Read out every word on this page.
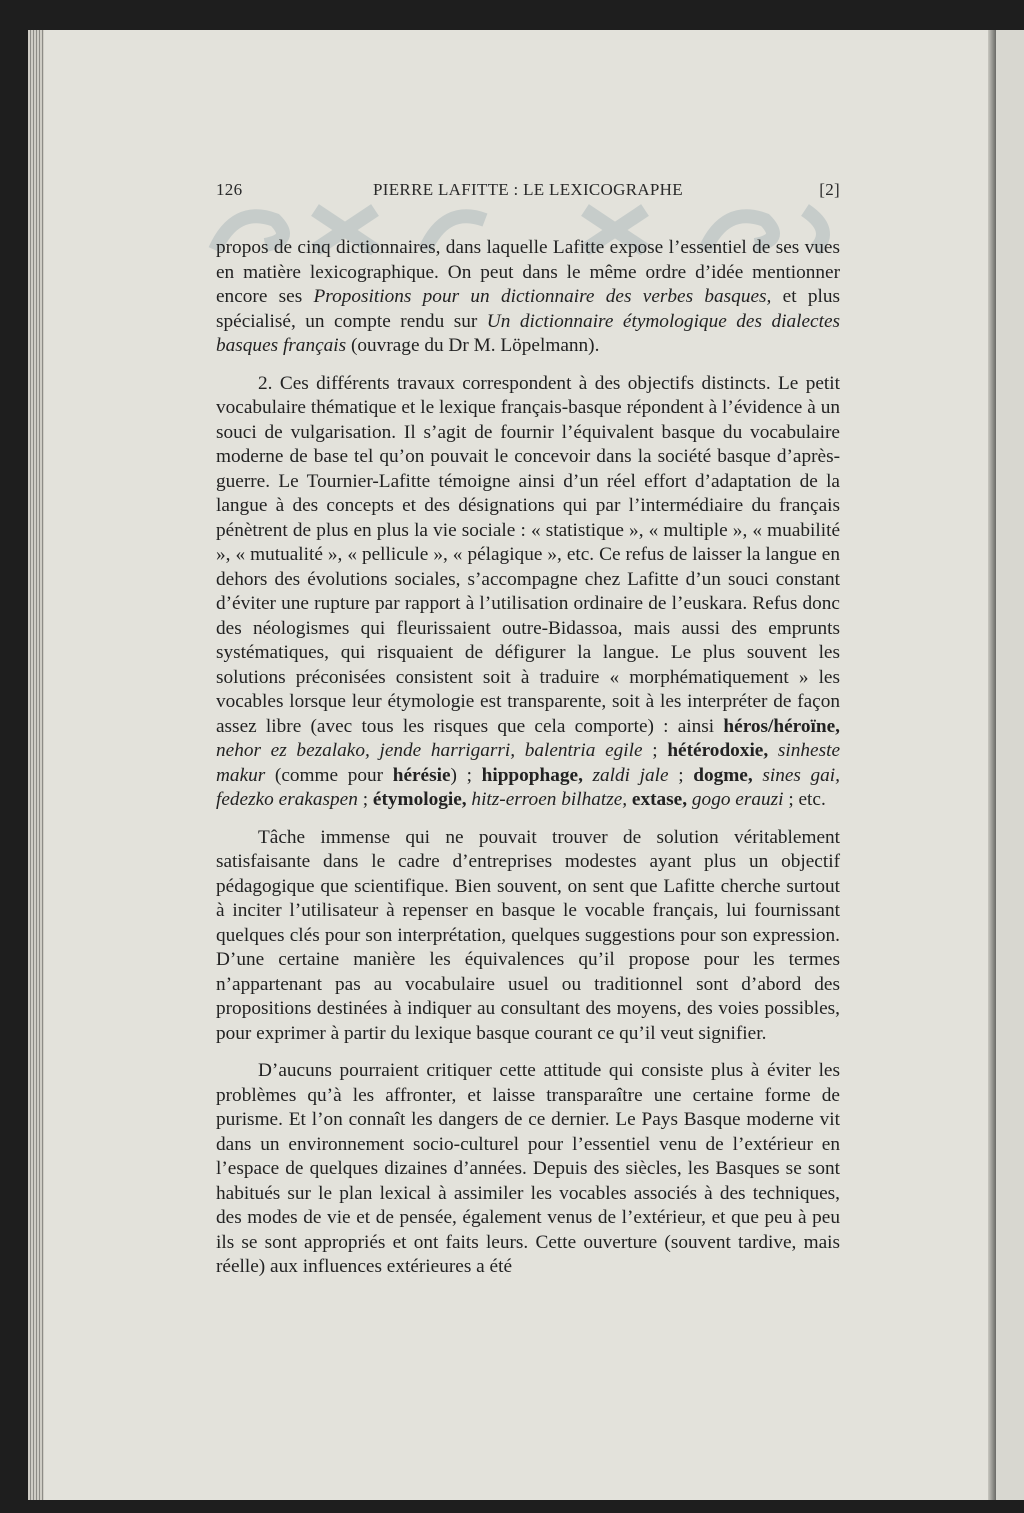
126	PIERRE LAFITTE : LE LEXICOGRAPHE	[2]

propos de cinq dictionnaires, dans laquelle Lafitte expose l’essentiel de ses vues en matière lexicographique. On peut dans le même ordre d’idée mentionner encore ses Propositions pour un dictionnaire des verbes basques, et plus spécialisé, un compte rendu sur Un dictionnaire étymologique des dialectes basques français (ouvrage du Dr M. Löpelmann).

2. Ces différents travaux correspondent à des objectifs distincts. Le petit vocabulaire thématique et le lexique français-basque répondent à l’évidence à un souci de vulgarisation. Il s’agit de fournir l’équivalent basque du vocabulaire moderne de base tel qu’on pouvait le concevoir dans la société basque d’après-guerre. Le Tournier-Lafitte témoigne ainsi d’un réel effort d’adaptation de la langue à des concepts et des désignations qui par l’intermédiaire du français pénètrent de plus en plus la vie sociale : « statistique », « multiple », « muabilité », « mutualité », « pellicule », « pélagique », etc. Ce refus de laisser la langue en dehors des évolutions sociales, s’accompagne chez Lafitte d’un souci constant d’éviter une rupture par rapport à l’utilisation ordinaire de l’euskara. Refus donc des néologismes qui fleurissaient outre-Bidassoa, mais aussi des emprunts systématiques, qui risquaient de défigurer la langue. Le plus souvent les solutions préconisées consistent soit à traduire « morphématiquement » les vocables lorsque leur étymologie est transparente, soit à les interpréter de façon assez libre (avec tous les risques que cela comporte) : ainsi héros/héroïne, nehor ez bezalako, jende harrigarri, balentria egile ; hétérodoxie, sinheste makur (comme pour hérésie) ; hippophage, zaldi jale ; dogme, sines gai, fedezko erakaspen ; étymologie, hitz-erroen bilhatze, extase, gogo erauzi ; etc.

Tâche immense qui ne pouvait trouver de solution véritablement satisfaisante dans le cadre d’entreprises modestes ayant plus un objectif pédagogique que scientifique. Bien souvent, on sent que Lafitte cherche surtout à inciter l’utilisateur à repenser en basque le vocable français, lui fournissant quelques clés pour son interprétation, quelques suggestions pour son expression. D’une certaine manière les équivalences qu’il propose pour les termes n’appartenant pas au vocabulaire usuel ou traditionnel sont d’abord des propositions destinées à indiquer au consultant des moyens, des voies possibles, pour exprimer à partir du lexique basque courant ce qu’il veut signifier.

D’aucuns pourraient critiquer cette attitude qui consiste plus à éviter les problèmes qu’à les affronter, et laisse transparaître une certaine forme de purisme. Et l’on connaît les dangers de ce dernier. Le Pays Basque moderne vit dans un environnement socio-culturel pour l’essentiel venu de l’extérieur en l’espace de quelques dizaines d’années. Depuis des siècles, les Basques se sont habitués sur le plan lexical à assimiler les vocables associés à des techniques, des modes de vie et de pensée, également venus de l’extérieur, et que peu à peu ils se sont appropriés et ont faits leurs. Cette ouverture (souvent tardive, mais réelle) aux influences extérieures a été
